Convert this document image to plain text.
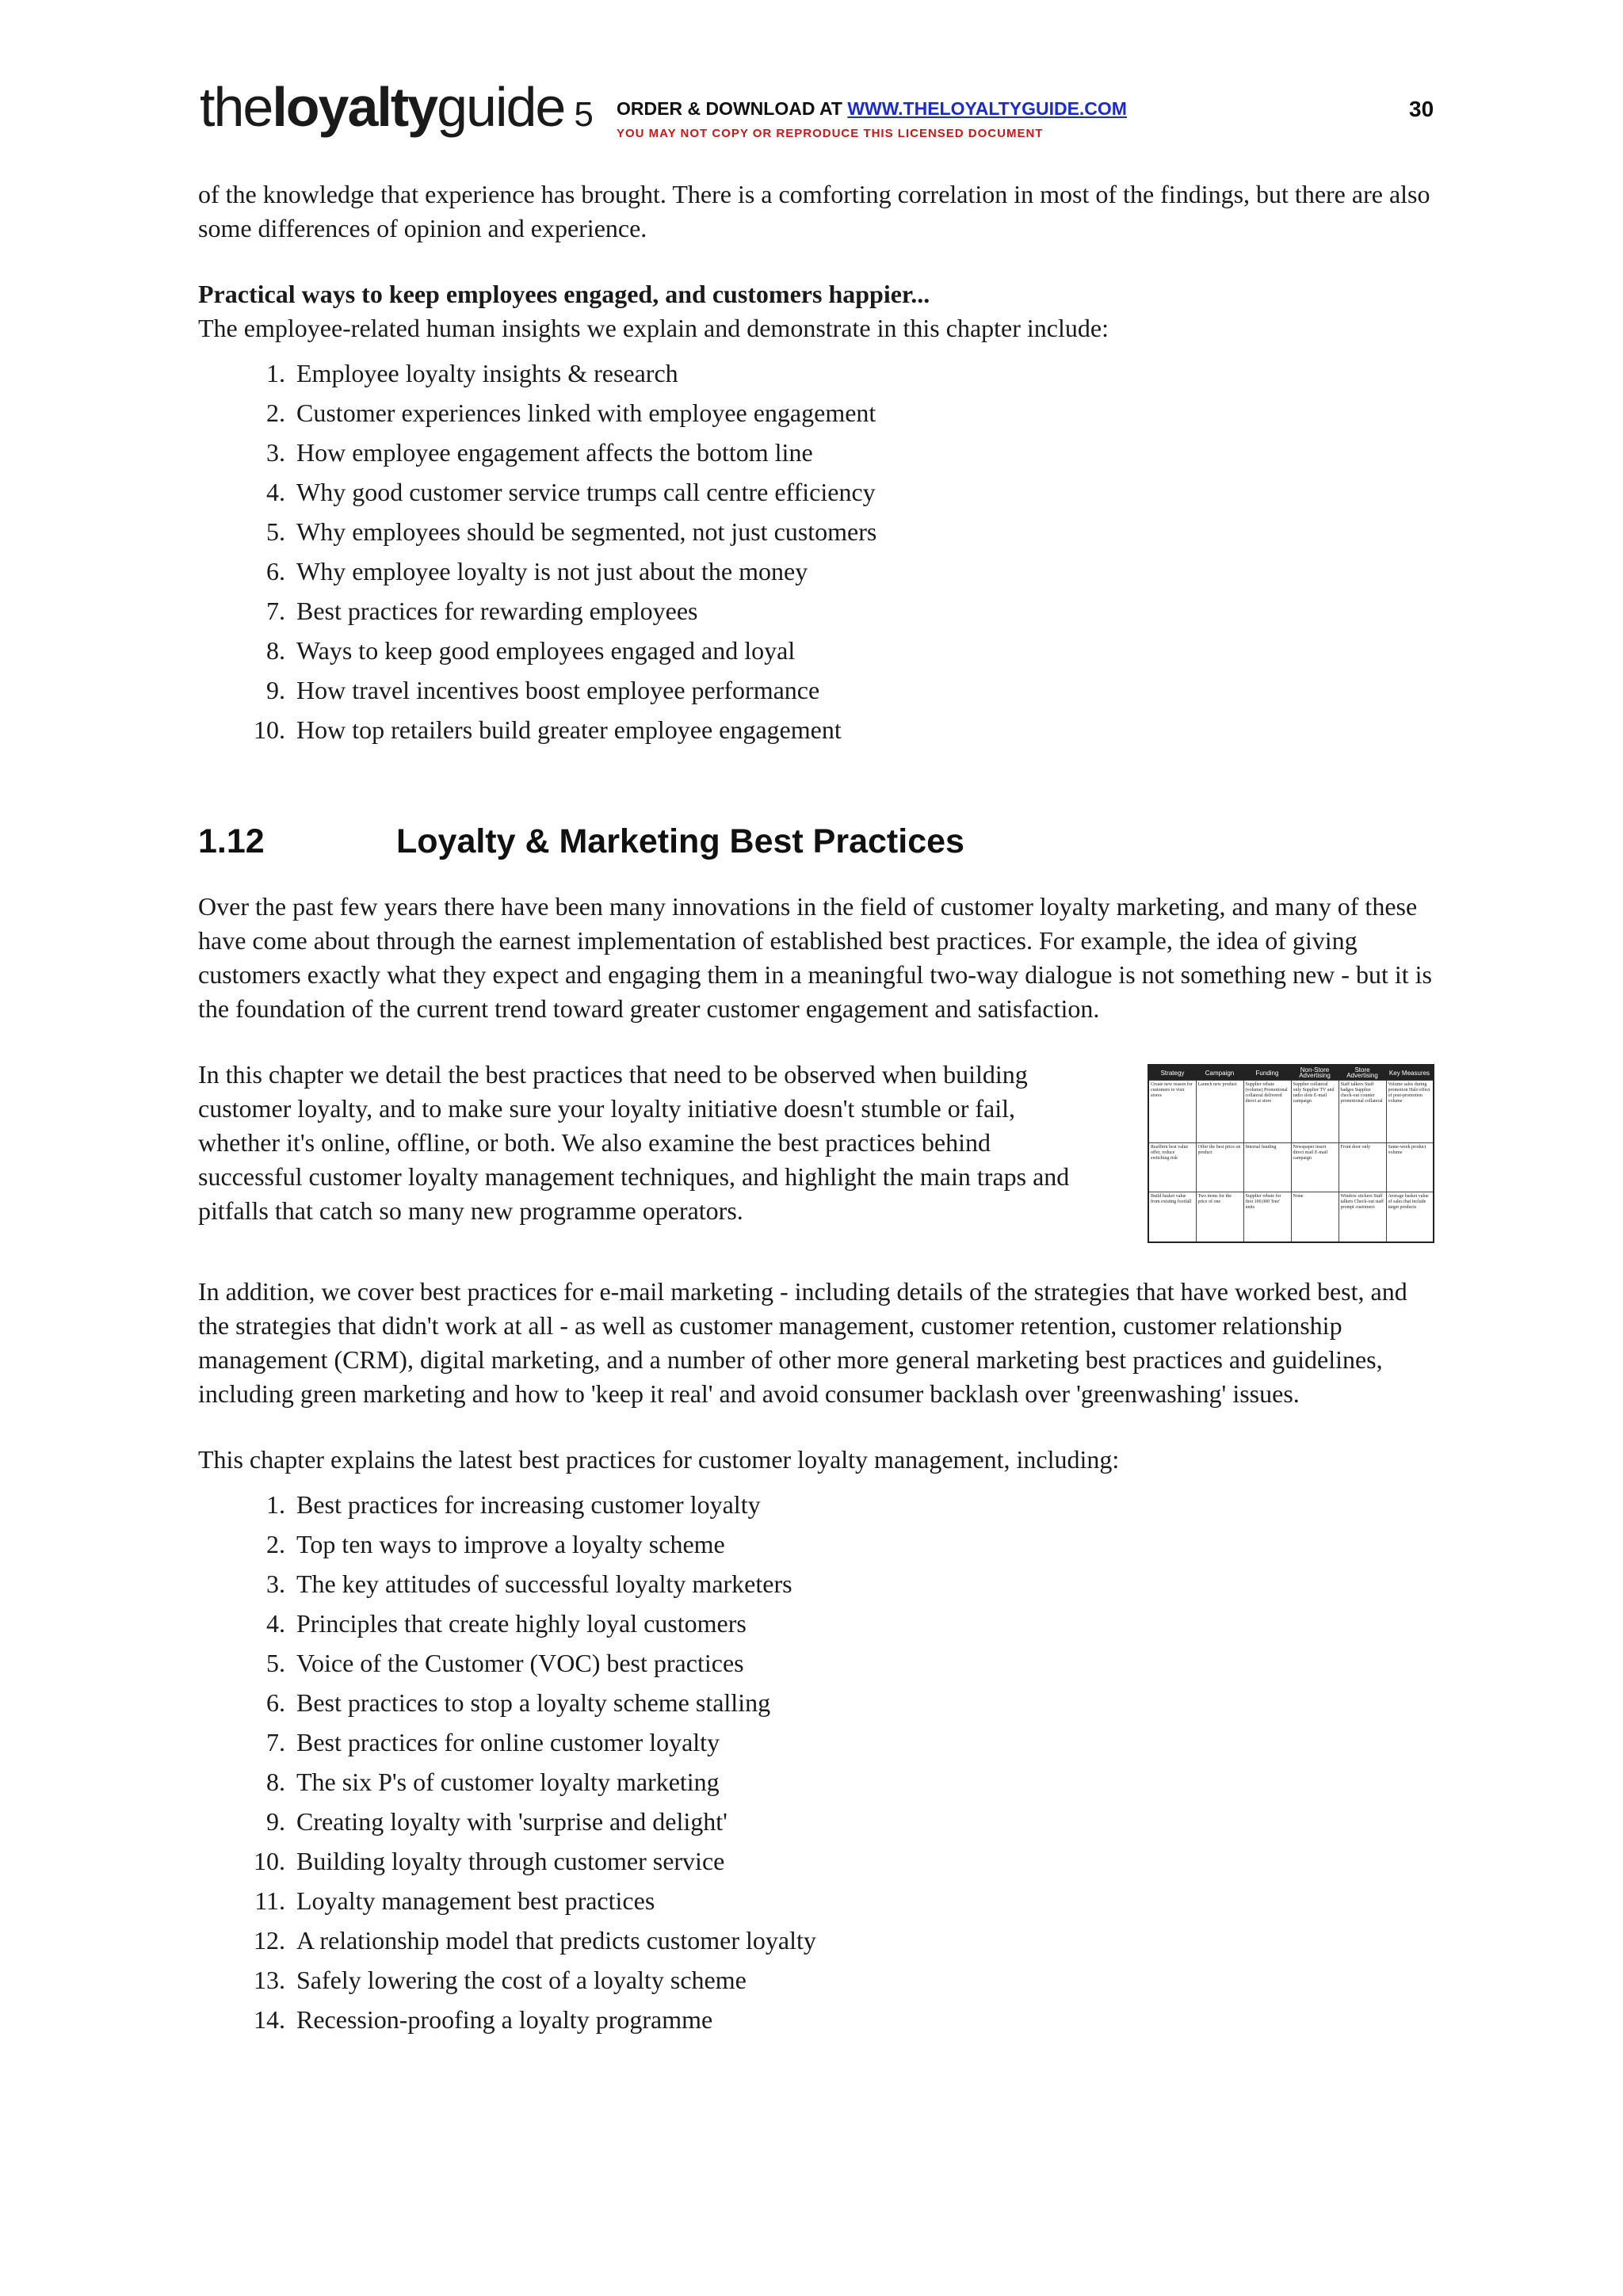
theloyaltyguide 5 ORDER & DOWNLOAD AT WWW.THELOYALTYGUIDE.COM
YOU MAY NOT COPY OR REPRODUCE THIS LICENSED DOCUMENT
30

of the knowledge that experience has brought. There is a comforting correlation in most of the findings, but there are also some differences of opinion and experience.

Practical ways to keep employees engaged, and customers happier...

The employee-related human insights we explain and demonstrate in this chapter include:

1. Employee loyalty insights & research
2. Customer experiences linked with employee engagement
3. How employee engagement affects the bottom line
4. Why good customer service trumps call centre efficiency
5. Why employees should be segmented, not just customers
6. Why employee loyalty is not just about the money
7. Best practices for rewarding employees
8. Ways to keep good employees engaged and loyal
9. How travel incentives boost employee performance
10. How top retailers build greater employee engagement
1.12	Loyalty & Marketing Best Practices

Over the past few years there have been many innovations in the field of customer loyalty marketing, and many of these have come about through the earnest implementation of established best practices. For example, the idea of giving customers exactly what they expect and engaging them in a meaningful two-way dialogue is not something new - but it is the foundation of the current trend toward greater customer engagement and satisfaction.

In this chapter we detail the best practices that need to be observed when building customer loyalty, and to make sure your loyalty initiative doesn't stumble or fail, whether it's online, offline, or both. We also examine the best practices behind successful customer loyalty management techniques, and highlight the main traps and pitfalls that catch so many new programme operators.

Strategy	Campaign	Funding	Non-Store Advertising	Store Advertising	Key Measures
Create new reason for customers to visit stores	Launch new product	Supplier rebate (volume) Promotional collateral delivered direct at store	Supplier collateral only Supplier TV and radio slots E-mail campaign	Staff talkers Staff badges Supplier check-out counter promotional collateral	Volume sales during promotion Halo effect of post-promotion volume
Reaffirm best value offer, reduce switching risk	Offer the best price on product	Internal funding	Newspaper insert direct mail E-mail campaign	Front door only	Same-week product volume
Build basket value from existing footfall	Two items for the price of one	Supplier rebate for first 100,000 'free' units	None	Window stickers Staff talkers Check-out staff prompt customers	Average basket value of sales that include target products

In addition, we cover best practices for e-mail marketing - including details of the strategies that have worked best, and the strategies that didn't work at all - as well as customer management, customer retention, customer relationship management (CRM), digital marketing, and a number of other more general marketing best practices and guidelines, including green marketing and how to 'keep it real' and avoid consumer backlash over 'greenwashing' issues.

This chapter explains the latest best practices for customer loyalty management, including:

1. Best practices for increasing customer loyalty
2. Top ten ways to improve a loyalty scheme
3. The key attitudes of successful loyalty marketers
4. Principles that create highly loyal customers
5. Voice of the Customer (VOC) best practices
6. Best practices to stop a loyalty scheme stalling
7. Best practices for online customer loyalty
8. The six P's of customer loyalty marketing
9. Creating loyalty with 'surprise and delight'
10. Building loyalty through customer service
11. Loyalty management best practices
12. A relationship model that predicts customer loyalty
13. Safely lowering the cost of a loyalty scheme
14. Recession-proofing a loyalty programme
